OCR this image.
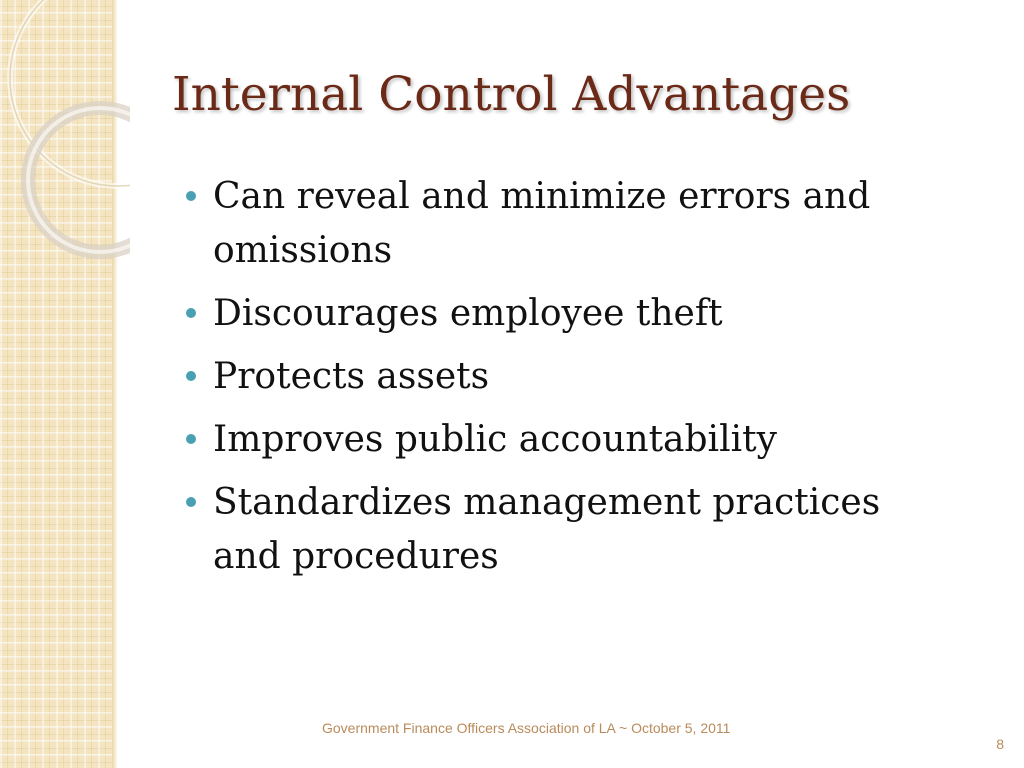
Internal Control Advantages
Can reveal and minimize errors and omissions
Discourages employee theft
Protects assets
Improves public accountability
Standardizes management practices and procedures
Government Finance Officers Association of LA ~ October 5, 2011
8
